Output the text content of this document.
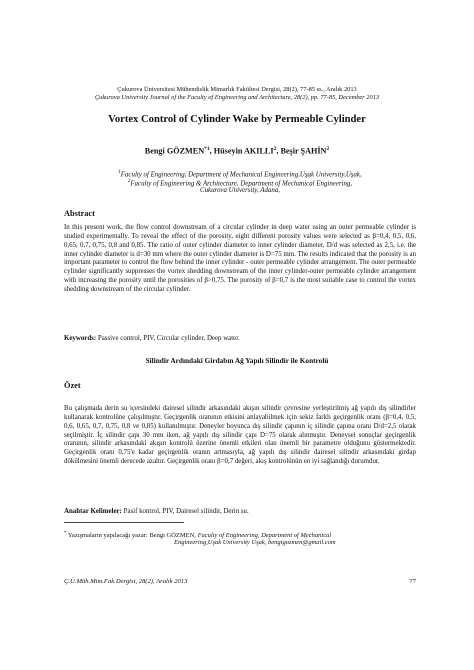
Çukurova Üniversitesi Mühendislik Mimarlık Fakültesi Dergisi, 28(2), 77-85 ss., Aralık 2013
Çukurova University Journal of the Faculty of Engineering and Architecture, 28(2), pp. 77-85, December 2013
Vortex Control of Cylinder Wake by Permeable Cylinder
Bengi GÖZMEN$^{*1}$, Hüseyin AKILLI$^2$, Beşir ŞAHİN$^2$
$^1$Faculty of Engineering, Department of Mechanical Engineering,Uşak University,Uşak,
$^2$Faculty of Engineering & Architecture, Department of Mechanical Engineering,
Cukurova University, Adana,
Abstract
In this present work, the flow control downstream of a circular cylinder in deep water using an outer permeable cylinder is studied experimentally. To reveal the effect of the porosity, eight different porosity values were selected as β=0,4, 0,5, 0,6, 0,65, 0,7, 0,75, 0,8 and 0,85. The ratio of outer cylinder diameter to inner cylinder diameter, D/d was selected as 2,5, i.e. the inner cylinder diameter is d=30 mm where the outer cylinder diameter is D=75 mm. The results indicated that the porosity is an important parameter to control the flow behind the inner cylinder - outer permeable cylinder arrangement. The outer permeable cylinder significantly suppresses the vortex shedding downstream of the inner cylinder-outer permeable cylinder arrangement with increasing the porosity until the porosities of β>0,75. The porosity of β=0,7 is the most suitable case to control the vortex shedding downstream of the circular cylinder.
Keywords: Passive control, PIV, Circular cylinder, Deep water.
Silindir Ardındaki Girdabın Ağ Yapılı Silindir ile Kontrolü
Özet
Bu çalışmada derin su içersindeki dairesel silindir arkasındaki akışın silindir çevresine yerleştirilmiş ağ yapılı dış silindirler kullanarak kontrolüne çalışılmıştır. Geçirgenlik oranının etkisini anlayabilmek için sekiz farklı geçirgenlik oranı (β=0,4, 0,5, 0,6, 0,65, 0,7, 0,75, 0,8 ve 0,85) kullanılmıştır. Deneyler boyunca dış silindir çapının iç silindir çapına oranı D/d=2,5 olarak seçilmiştir. İç silindir çapı 30 mm iken, ağ yapılı dış silindir çapı D=75 olarak alınmıştır. Deneysel sonuçlar geçirgenlik oranının, silindir arkasındaki akışın kontrolü üzerine önemli etkileri olan önemli bir parametre olduğunu göstermektedir. Geçirgenlik oranı 0,75'e kadar geçirgenlik oranın artmasıyla, ağ yapılı dış silindir dairesel silindir arkasındaki girdap dökülmesini önemli derecede azaltır. Geçirgenlik oranı β=0,7 değeri, akış kontrolünün en iyi sağlandığı durumdur.
Anahtar Kelimeler: Pasif kontrol, PIV, Dairesel silindir, Derin su.
* Yazışmaların yapılacağı yazar: Bengi GÖZMEN, Faculty of Engineering, Department of Mechanical
Engineering,Uşak University Uşak, bengigozmen@gmail.com
Ç.Ü.Müh.Mim.Fak.Dergisi, 28(2), Aralık 2013	77
